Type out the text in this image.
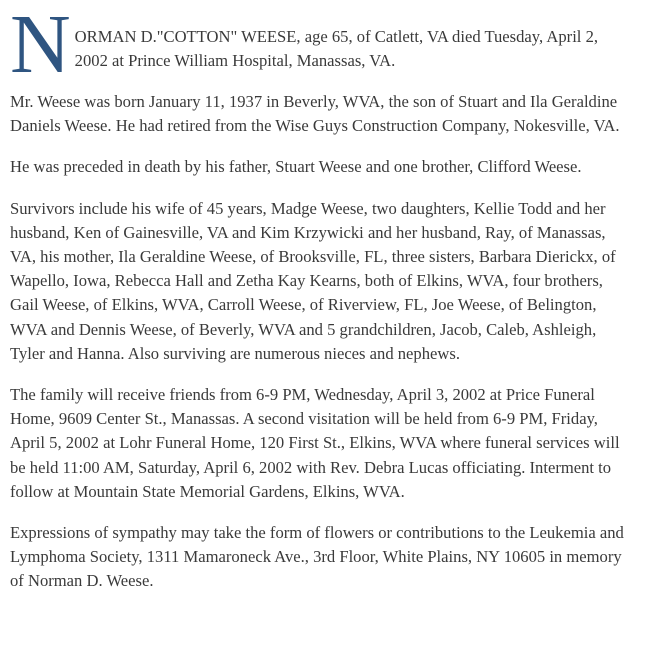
N ORMAN D."COTTON" WEESE, age 65, of Catlett, VA died Tuesday, April 2, 2002 at Prince William Hospital, Manassas, VA.

Mr. Weese was born January 11, 1937 in Beverly, WVA, the son of Stuart and Ila Geraldine Daniels Weese. He had retired from the Wise Guys Construction Company, Nokesville, VA.

He was preceded in death by his father, Stuart Weese and one brother, Clifford Weese.

Survivors include his wife of 45 years, Madge Weese, two daughters, Kellie Todd and her husband, Ken of Gainesville, VA and Kim Krzywicki and her husband, Ray, of Manassas, VA, his mother, Ila Geraldine Weese, of Brooksville, FL, three sisters, Barbara Dierickx, of Wapello, Iowa, Rebecca Hall and Zetha Kay Kearns, both of Elkins, WVA, four brothers, Gail Weese, of Elkins, WVA, Carroll Weese, of Riverview, FL, Joe Weese, of Belington, WVA and Dennis Weese, of Beverly, WVA and 5 grandchildren, Jacob, Caleb, Ashleigh, Tyler and Hanna. Also surviving are numerous nieces and nephews.

The family will receive friends from 6-9 PM, Wednesday, April 3, 2002 at Price Funeral Home, 9609 Center St., Manassas. A second visitation will be held from 6-9 PM, Friday, April 5, 2002 at Lohr Funeral Home, 120 First St., Elkins, WVA where funeral services will be held 11:00 AM, Saturday, April 6, 2002 with Rev. Debra Lucas officiating. Interment to follow at Mountain State Memorial Gardens, Elkins, WVA.

Expressions of sympathy may take the form of flowers or contributions to the Leukemia and Lymphoma Society, 1311 Mamaroneck Ave., 3rd Floor, White Plains, NY 10605 in memory of Norman D. Weese.
